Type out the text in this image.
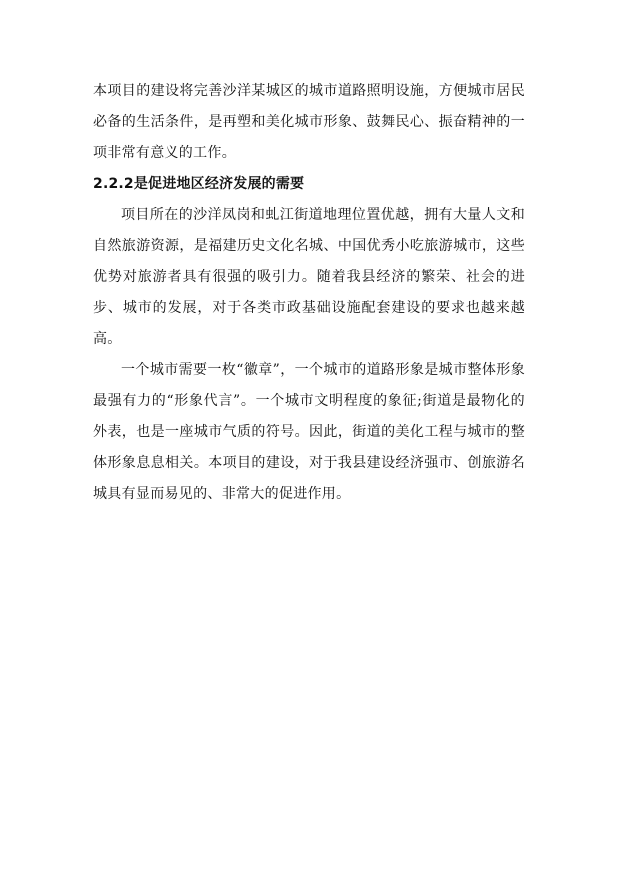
本项目的建设将完善沙洋某城区的城市道路照明设施，方便城市居民必备的生活条件，是再塑和美化城市形象、鼓舞民心、振奋精神的一项非常有意义的工作。

2.2.2是促进地区经济发展的需要

项目所在的沙洋凤岗和虬江街道地理位置优越，拥有大量人文和自然旅游资源，是福建历史文化名城、中国优秀小吃旅游城市，这些优势对旅游者具有很强的吸引力。随着我县经济的繁荣、社会的进步、城市的发展，对于各类市政基础设施配套建设的要求也越来越高。

一个城市需要一枚“徽章”，一个城市的道路形象是城市整体形象最强有力的“形象代言”。一个城市文明程度的象征;街道是最物化的外表，也是一座城市气质的符号。因此，街道的美化工程与城市的整体形象息息相关。本项目的建设，对于我县建设经济强市、创旅游名城具有显而易见的、非常大的促进作用。
